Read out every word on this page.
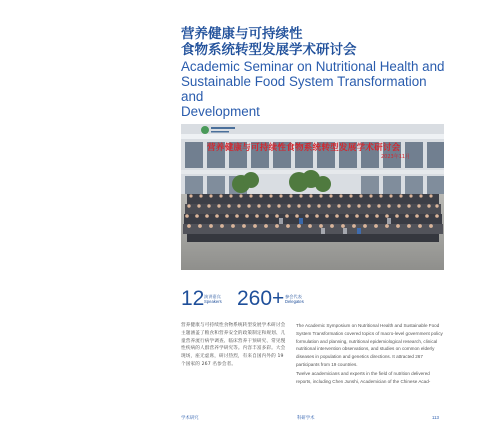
营养健康与可持续性
食物系统转型发展学术研讨会
Academic Seminar on Nutritional Health and
Sustainable Food System Transformation and
Development
营养健康与可持续性食物系统转型发展学术研讨会
2023年11月
12 演讲嘉宾
Speakers 260+ 参会代表
Delegates

营养健康与可持续性食物系统转型发展学术研讨会主题涵盖了粮食和营养安全的政策制定和规划、儿童营养流行病学调查、临床营养干预研究、常见慢性疾病的人群营养学研究等。内容丰富多彩。大会现场，座无虚席，研讨热烈，有来自国内外的 19 个国家的 267 名参会者。

The Academic Symposium on Nutritional Health and Sustainable Food System Transformation covered topics of macro-level government policy formulation and planning, nutritional epidemiological research, clinical nutritional intervention observations, and studies on common elderly diseases in population and genetics directions. It attracted 267 participants from 19 countries.

Twelve academicians and experts in the field of nutrition delivered reports, including Chen Junshi, Academician of the Chinese Acad-

学术研究	科研学术	113
